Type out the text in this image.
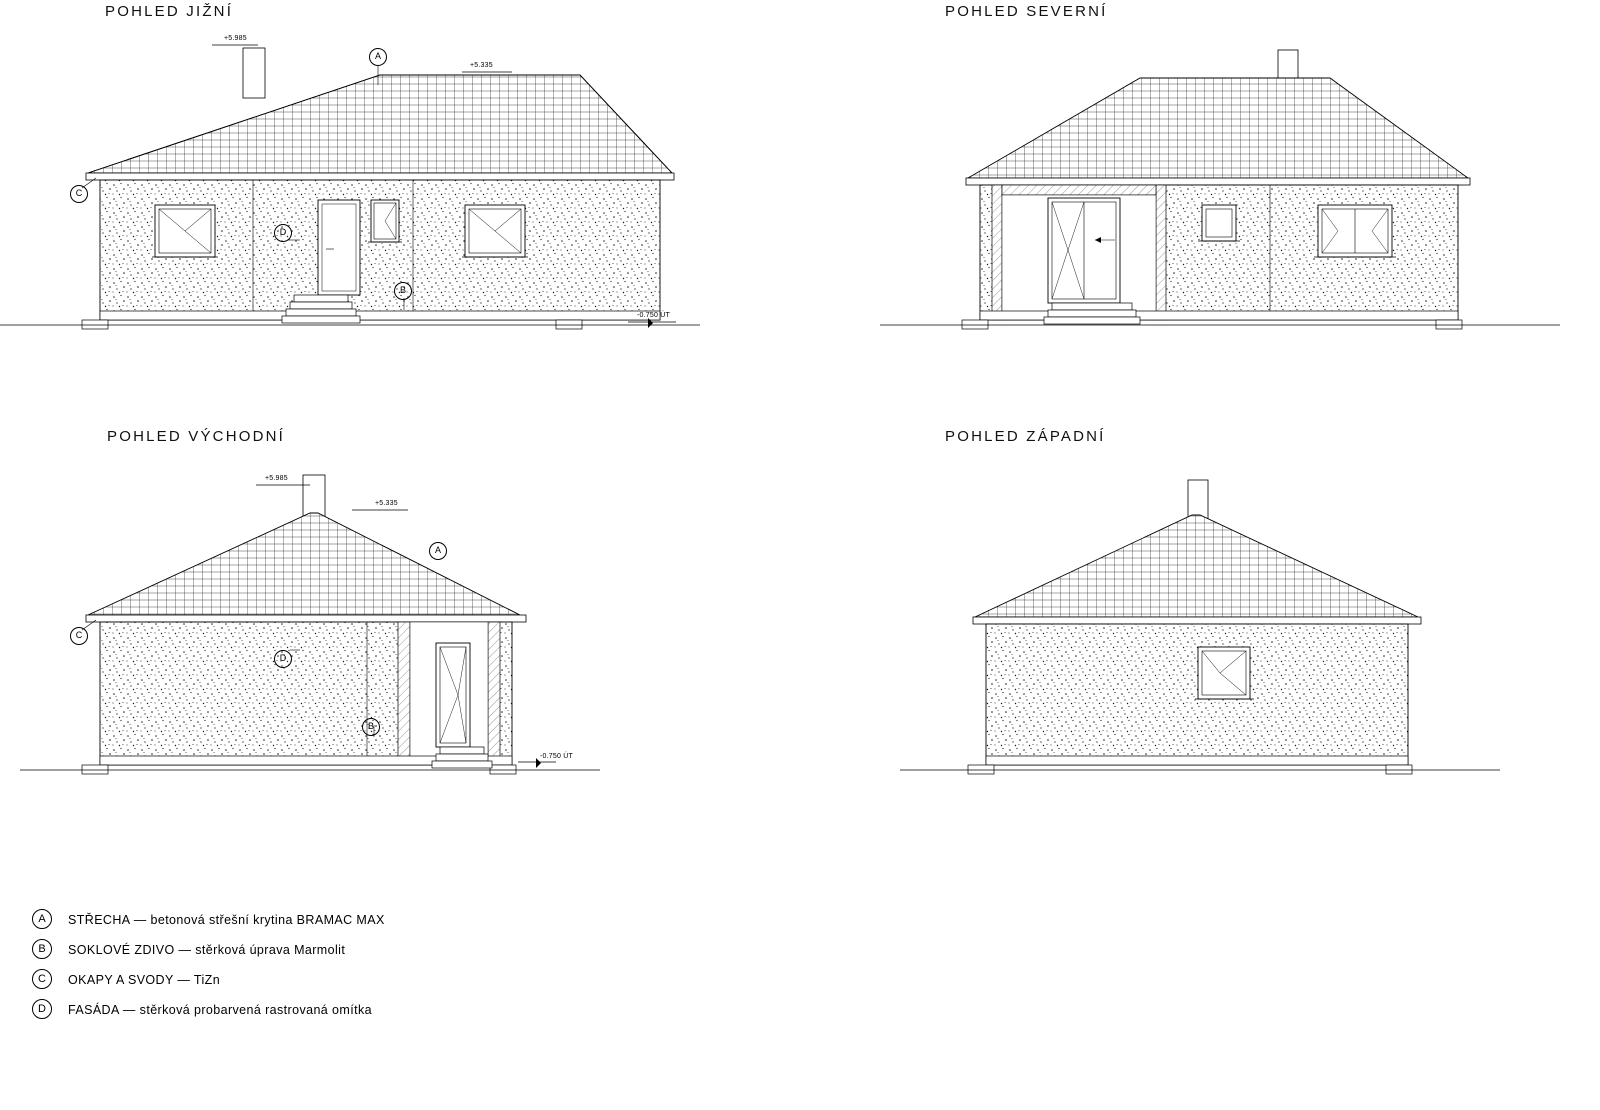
POHLED JIŽNÍ
+5.985
+5.335
-0.750 ÚT
A
C
D
B
POHLED SEVERNÍ
POHLED VÝCHODNÍ
+5.985
+5.335
-0.750 ÚT
A
C
D
B
POHLED ZÁPADNÍ
A	STŘECHA — betonová střešní krytina BRAMAC MAX
B	SOKLOVÉ ZDIVO — stěrková úprava Marmolit
C	OKAPY A SVODY — TiZn
D	FASÁDA — stěrková probarvená rastrovaná omítka
